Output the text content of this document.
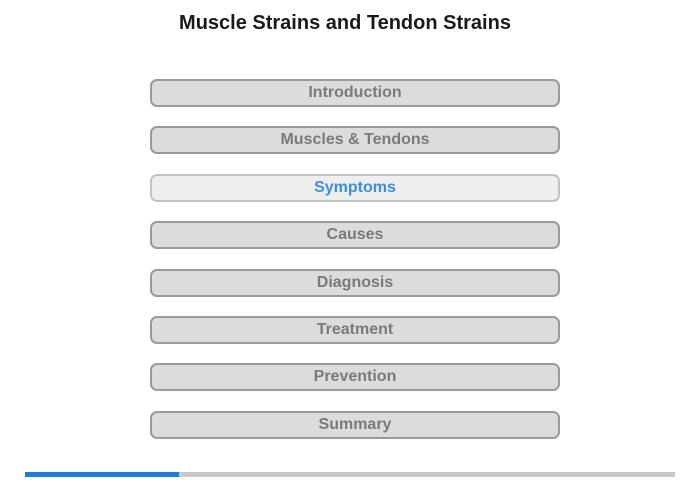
Muscle Strains and Tendon Strains
Introduction
Muscles & Tendons
Symptoms
Causes
Diagnosis
Treatment
Prevention
Summary
